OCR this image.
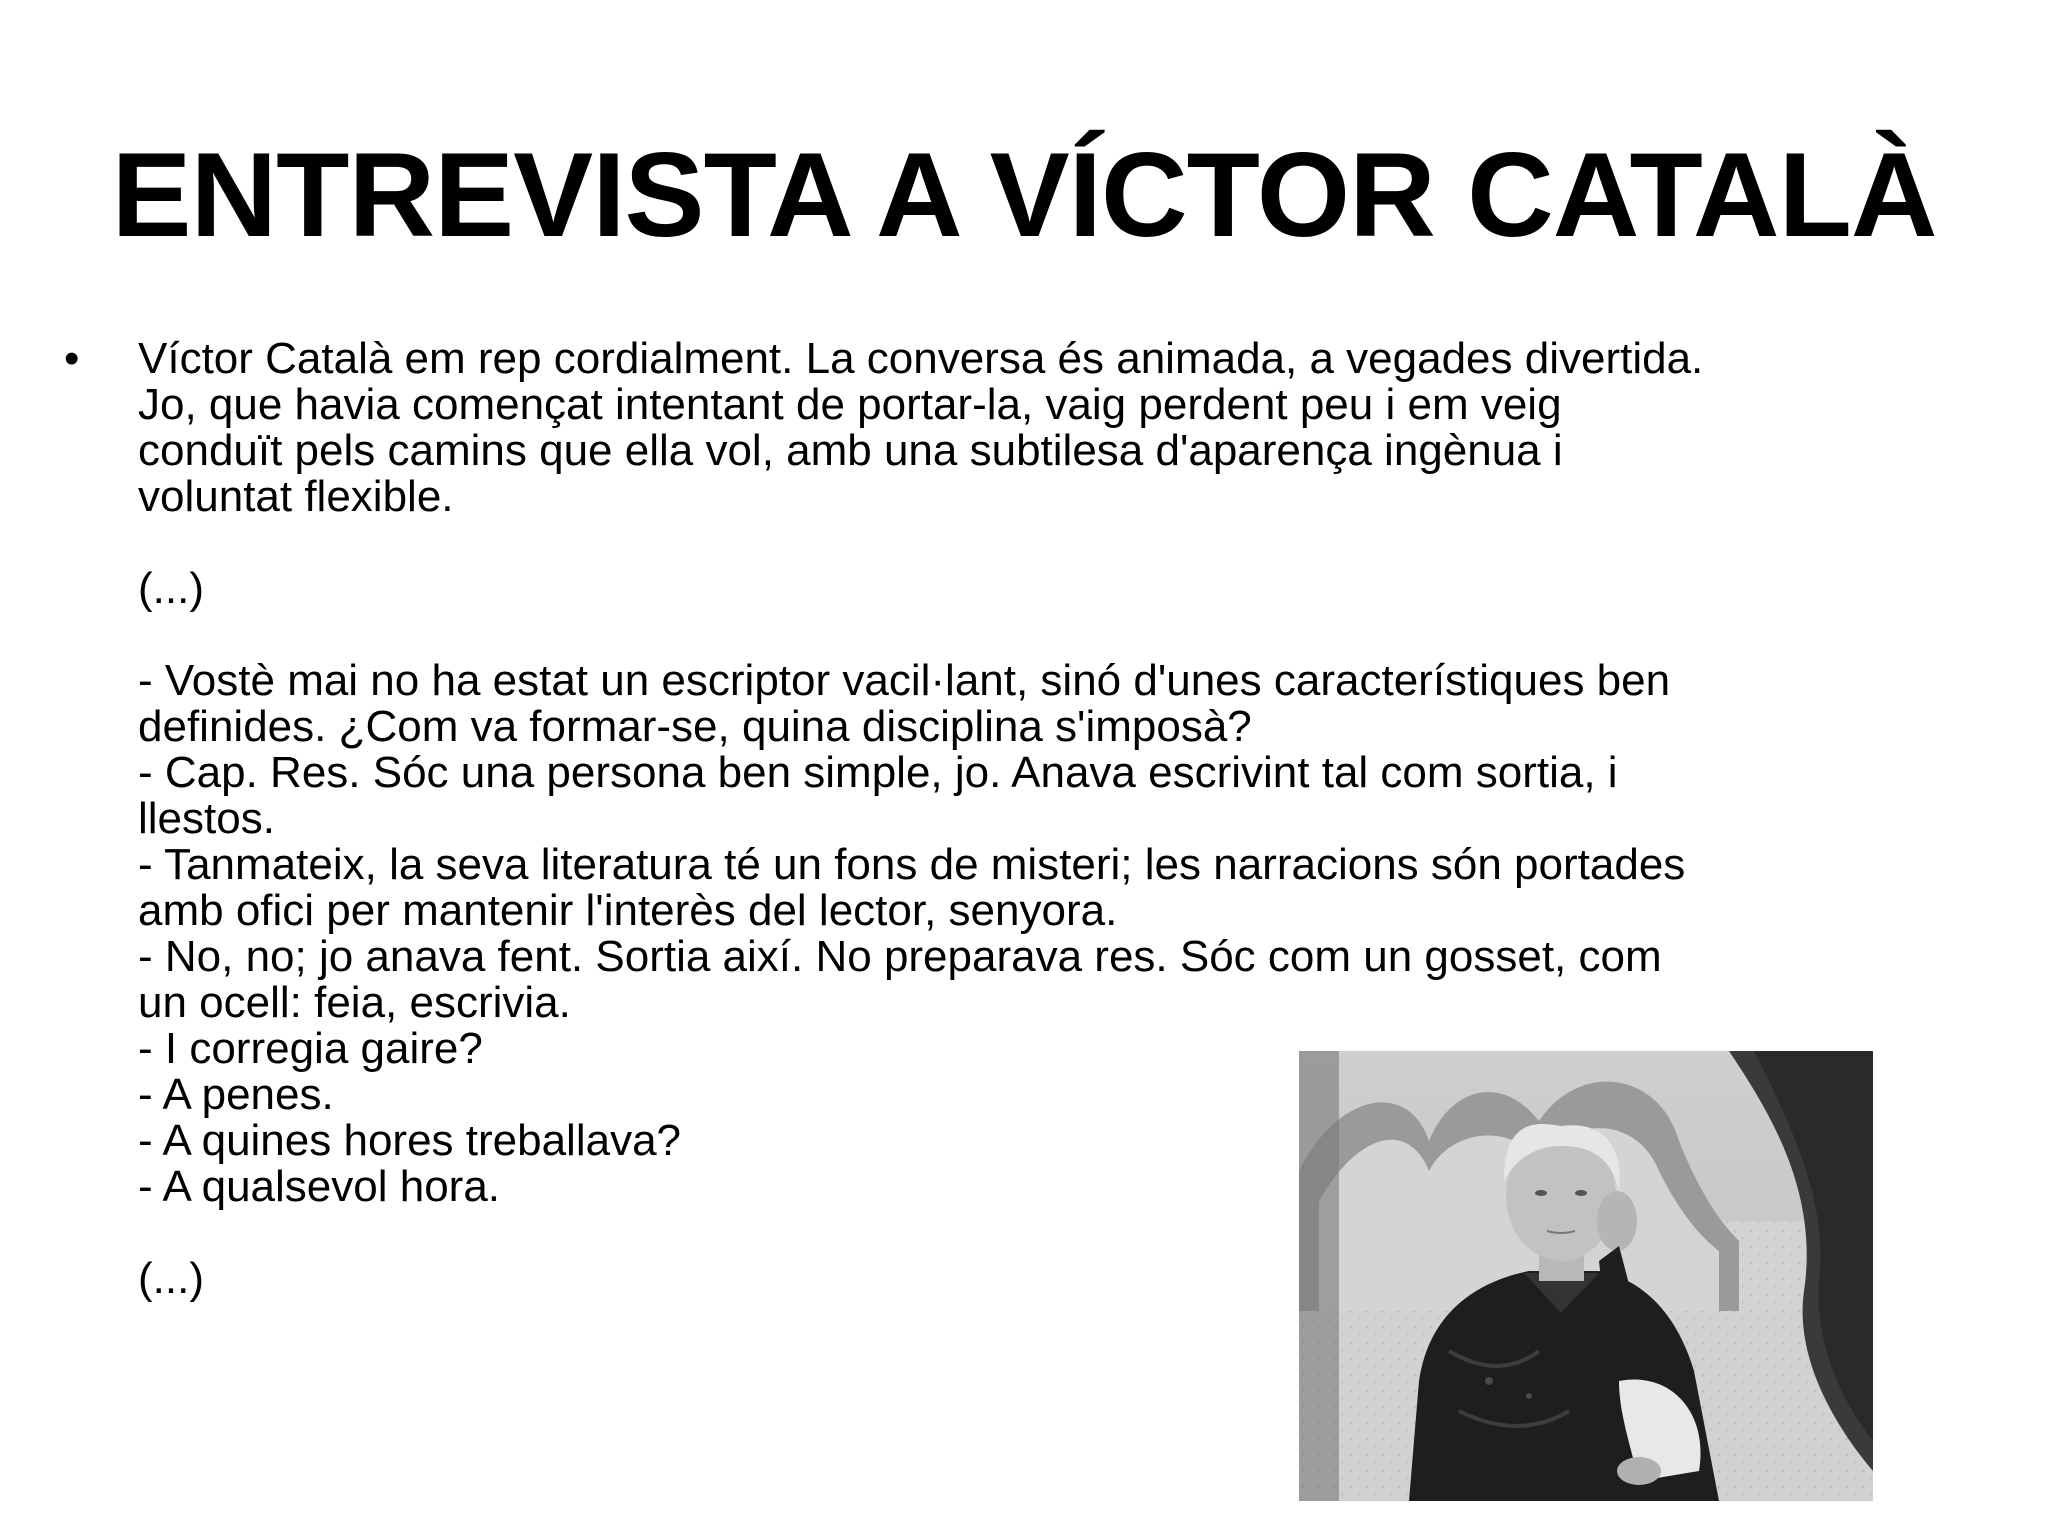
ENTREVISTA A VÍCTOR CATALÀ
• Víctor Català em rep cordialment. La conversa és animada, a vegades divertida.
Jo, que havia començat intentant de portar-la, vaig perdent peu i em veig
conduït pels camins que ella vol, amb una subtilesa d'aparença ingènua i
voluntat flexible.
(...)
- Vostè mai no ha estat un escriptor vacil·lant, sinó d'unes característiques ben
definides. ¿Com va formar-se, quina disciplina s'imposà?
- Cap. Res. Sóc una persona ben simple, jo. Anava escrivint tal com sortia, i
llestos.
- Tanmateix, la seva literatura té un fons de misteri; les narracions són portades
amb ofici per mantenir l'interès del lector, senyora.
- No, no; jo anava fent. Sortia així. No preparava res. Sóc com un gosset, com
un ocell: feia, escrivia.
- I corregia gaire?
- A penes.
- A quines hores treballava?
- A qualsevol hora.
(...)
